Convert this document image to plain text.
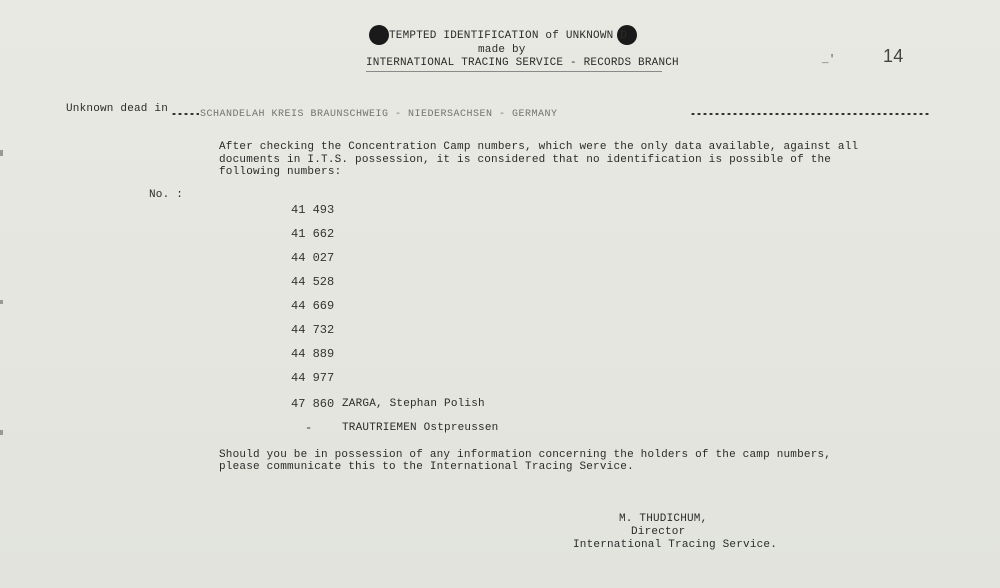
TEMPTED IDENTIFICATION of UNKNOWN D
made by
INTERNATIONAL TRACING SERVICE - RECORDS BRANCH	_'	14
Unknown dead in	SCHANDELAH KREIS BRAUNSCHWEIG - NIEDERSACHSEN - GERMANY
After checking the Concentration Camp numbers, which were the only data available, against all
documents in I.T.S. possession, it is considered that no identification is possible of the
following numbers:
No. :
41 493
41 662
44 027
44 528
44 669
44 732
44 889
44 977
47 860 ZARGA, Stephan Polish
-	TRAUTRIEMEN Ostpreussen
Should you be in possession of any information concerning the holders of the camp numbers,
please communicate this to the International Tracing Service.
M. THUDICHUM,
Director
International Tracing Service.
